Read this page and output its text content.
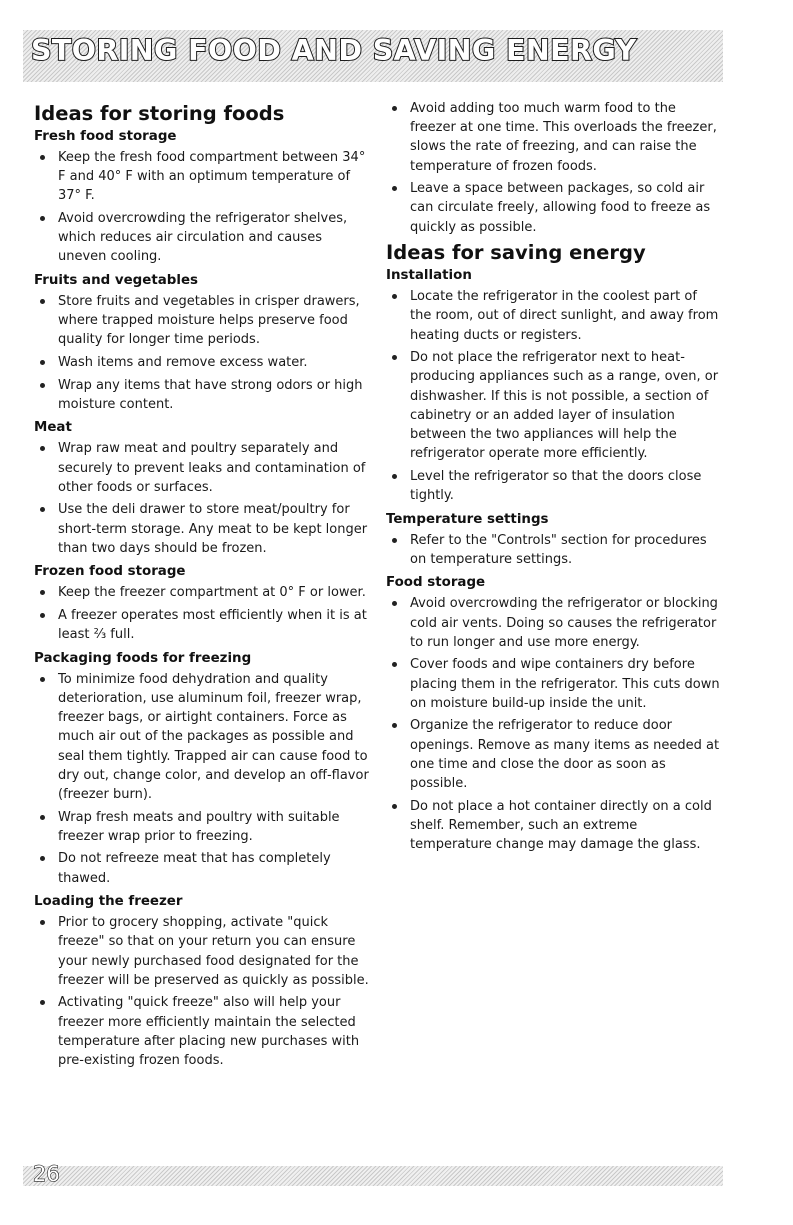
STORING FOOD AND SAVING ENERGY
Ideas for storing foods
Fresh food storage
Keep the fresh food compartment between 34° F and 40° F with an optimum temperature of 37° F.
Avoid overcrowding the refrigerator shelves, which reduces air circulation and causes uneven cooling.
Fruits and vegetables
Store fruits and vegetables in crisper drawers, where trapped moisture helps preserve food quality for longer time periods.
Wash items and remove excess water.
Wrap any items that have strong odors or high moisture content.
Meat
Wrap raw meat and poultry separately and securely to prevent leaks and contamination of other foods or surfaces.
Use the deli drawer to store meat/poultry for short-term storage. Any meat to be kept longer than two days should be frozen.
Frozen food storage
Keep the freezer compartment at 0° F or lower.
A freezer operates most efficiently when it is at least ⅔ full.
Packaging foods for freezing
To minimize food dehydration and quality deterioration, use aluminum foil, freezer wrap, freezer bags, or airtight containers. Force as much air out of the packages as possible and seal them tightly. Trapped air can cause food to dry out, change color, and develop an off-flavor (freezer burn).
Wrap fresh meats and poultry with suitable freezer wrap prior to freezing.
Do not refreeze meat that has completely thawed.
Loading the freezer
Prior to grocery shopping, activate "quick freeze" so that on your return you can ensure your newly purchased food designated for the freezer will be preserved as quickly as possible.
Activating "quick freeze" also will help your freezer more efficiently maintain the selected temperature after placing new purchases with pre-existing frozen foods.
Avoid adding too much warm food to the freezer at one time. This overloads the freezer, slows the rate of freezing, and can raise the temperature of frozen foods.
Leave a space between packages, so cold air can circulate freely, allowing food to freeze as quickly as possible.
Ideas for saving energy
Installation
Locate the refrigerator in the coolest part of the room, out of direct sunlight, and away from heating ducts or registers.
Do not place the refrigerator next to heat-producing appliances such as a range, oven, or dishwasher. If this is not possible, a section of cabinetry or an added layer of insulation between the two appliances will help the refrigerator operate more efficiently.
Level the refrigerator so that the doors close tightly.
Temperature settings
Refer to the "Controls" section for procedures on temperature settings.
Food storage
Avoid overcrowding the refrigerator or blocking cold air vents. Doing so causes the refrigerator to run longer and use more energy.
Cover foods and wipe containers dry before placing them in the refrigerator. This cuts down on moisture build-up inside the unit.
Organize the refrigerator to reduce door openings. Remove as many items as needed at one time and close the door as soon as possible.
Do not place a hot container directly on a cold shelf. Remember, such an extreme temperature change may damage the glass.
26
